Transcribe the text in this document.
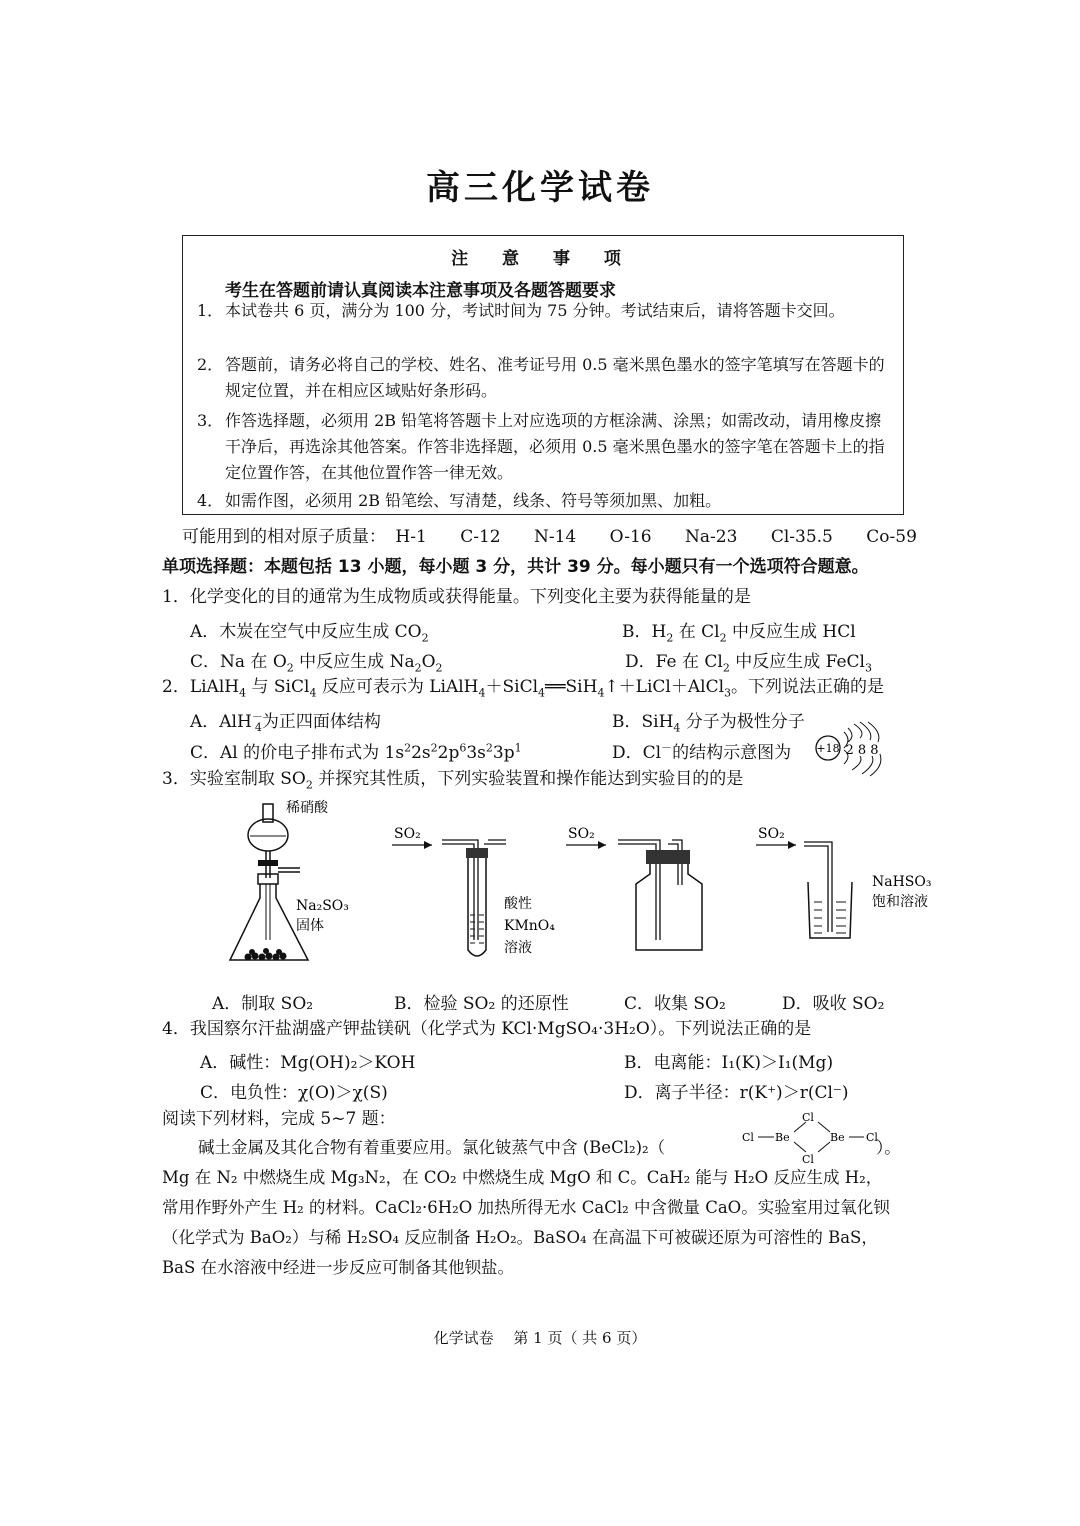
高三化学试卷
注 意 事 项
考生在答题前请认真阅读本注意事项及各题答题要求
1． 本试卷共 6 页，满分为 100 分，考试时间为 75 分钟。考试结束后，请将答题卡交回。
2． 答题前，请务必将自己的学校、姓名、准考证号用 0.5 毫米黑色墨水的签字笔填写在答题卡的规定位置，并在相应区域贴好条形码。
3． 作答选择题，必须用 2B 铅笔将答题卡上对应选项的方框涂满、涂黑；如需改动，请用橡皮擦干净后，再选涂其他答案。作答非选择题，必须用 0.5 毫米黑色墨水的签字笔在答题卡上的指定位置作答，在其他位置作答一律无效。
4． 如需作图，必须用 2B 铅笔绘、写清楚，线条、符号等须加黑、加粗。
可能用到的相对原子质量： H-1 C-12 N-14 O-16 Na-23 Cl-35.5 Co-59
单项选择题：本题包括 13 小题，每小题 3 分，共计 39 分。每小题只有一个选项符合题意。
1．化学变化的目的通常为生成物质或获得能量。下列变化主要为获得能量的是
A．木炭在空气中反应生成 $CO_2$	B．$H_2$ 在 $Cl_2$ 中反应生成 HCl
C．Na 在 $O_2$ 中反应生成 $Na_2O_2$	D．Fe 在 $Cl_2$ 中反应生成 FeCl$_3$
2．LiAlH$_4$ 与 SiCl$_4$ 反应可表示为 LiAlH$_4$＋SiCl$_4$══SiH$_4$↑＋LiCl＋AlCl$_3$。下列说法正确的是
A．AlH－$_4$为正四面体结构	B．SiH$_4$ 分子为极性分子
C．Al 的价电子排布式为 $1s^22s^22p^63s^23p^1$	D．Cl－的结构示意图为 +18 2 8 8
3．实验室制取 $SO_2$ 并探究其性质，下列实验装置和操作能达到实验目的的是
稀硝酸
Na₂SO₃
固体
SO₂
酸性
KMnO₄
溶液
SO₂	SO₂
NaHSO₃
饱和溶液
A．制取 SO₂	B．检验 SO₂ 的还原性	C．收集 SO₂	D．吸收 SO₂
4．我国察尔汗盐湖盛产钾盐镁矾（化学式为 KCl·MgSO₄·3H₂O）。下列说法正确的是
A．碱性：Mg(OH)₂＞KOH	B．电离能：I₁(K)＞I₁(Mg)
C．电负性：χ(O)＞χ(S)	D．离子半径：r(K⁺)＞r(Cl⁻)
阅读下列材料，完成 5~7 题：
碱土金属及其化合物有着重要应用。氯化铍蒸气中含 (BeCl₂)₂（
Cl Be
Cl
Cl
Be Cl
）。
Mg 在 N₂ 中燃烧生成 Mg₃N₂，在 CO₂ 中燃烧生成 MgO 和 C。CaH₂ 能与 H₂O 反应生成 H₂，
常用作野外产生 H₂ 的材料。CaCl₂·6H₂O 加热所得无水 CaCl₂ 中含微量 CaO。实验室用过氧化钡
（化学式为 BaO₂）与稀 H₂SO₄ 反应制备 H₂O₂。BaSO₄ 在高温下可被碳还原为可溶性的 BaS，
BaS 在水溶液中经进一步反应可制备其他钡盐。
化学试卷　 第 1 页（ 共 6 页）
